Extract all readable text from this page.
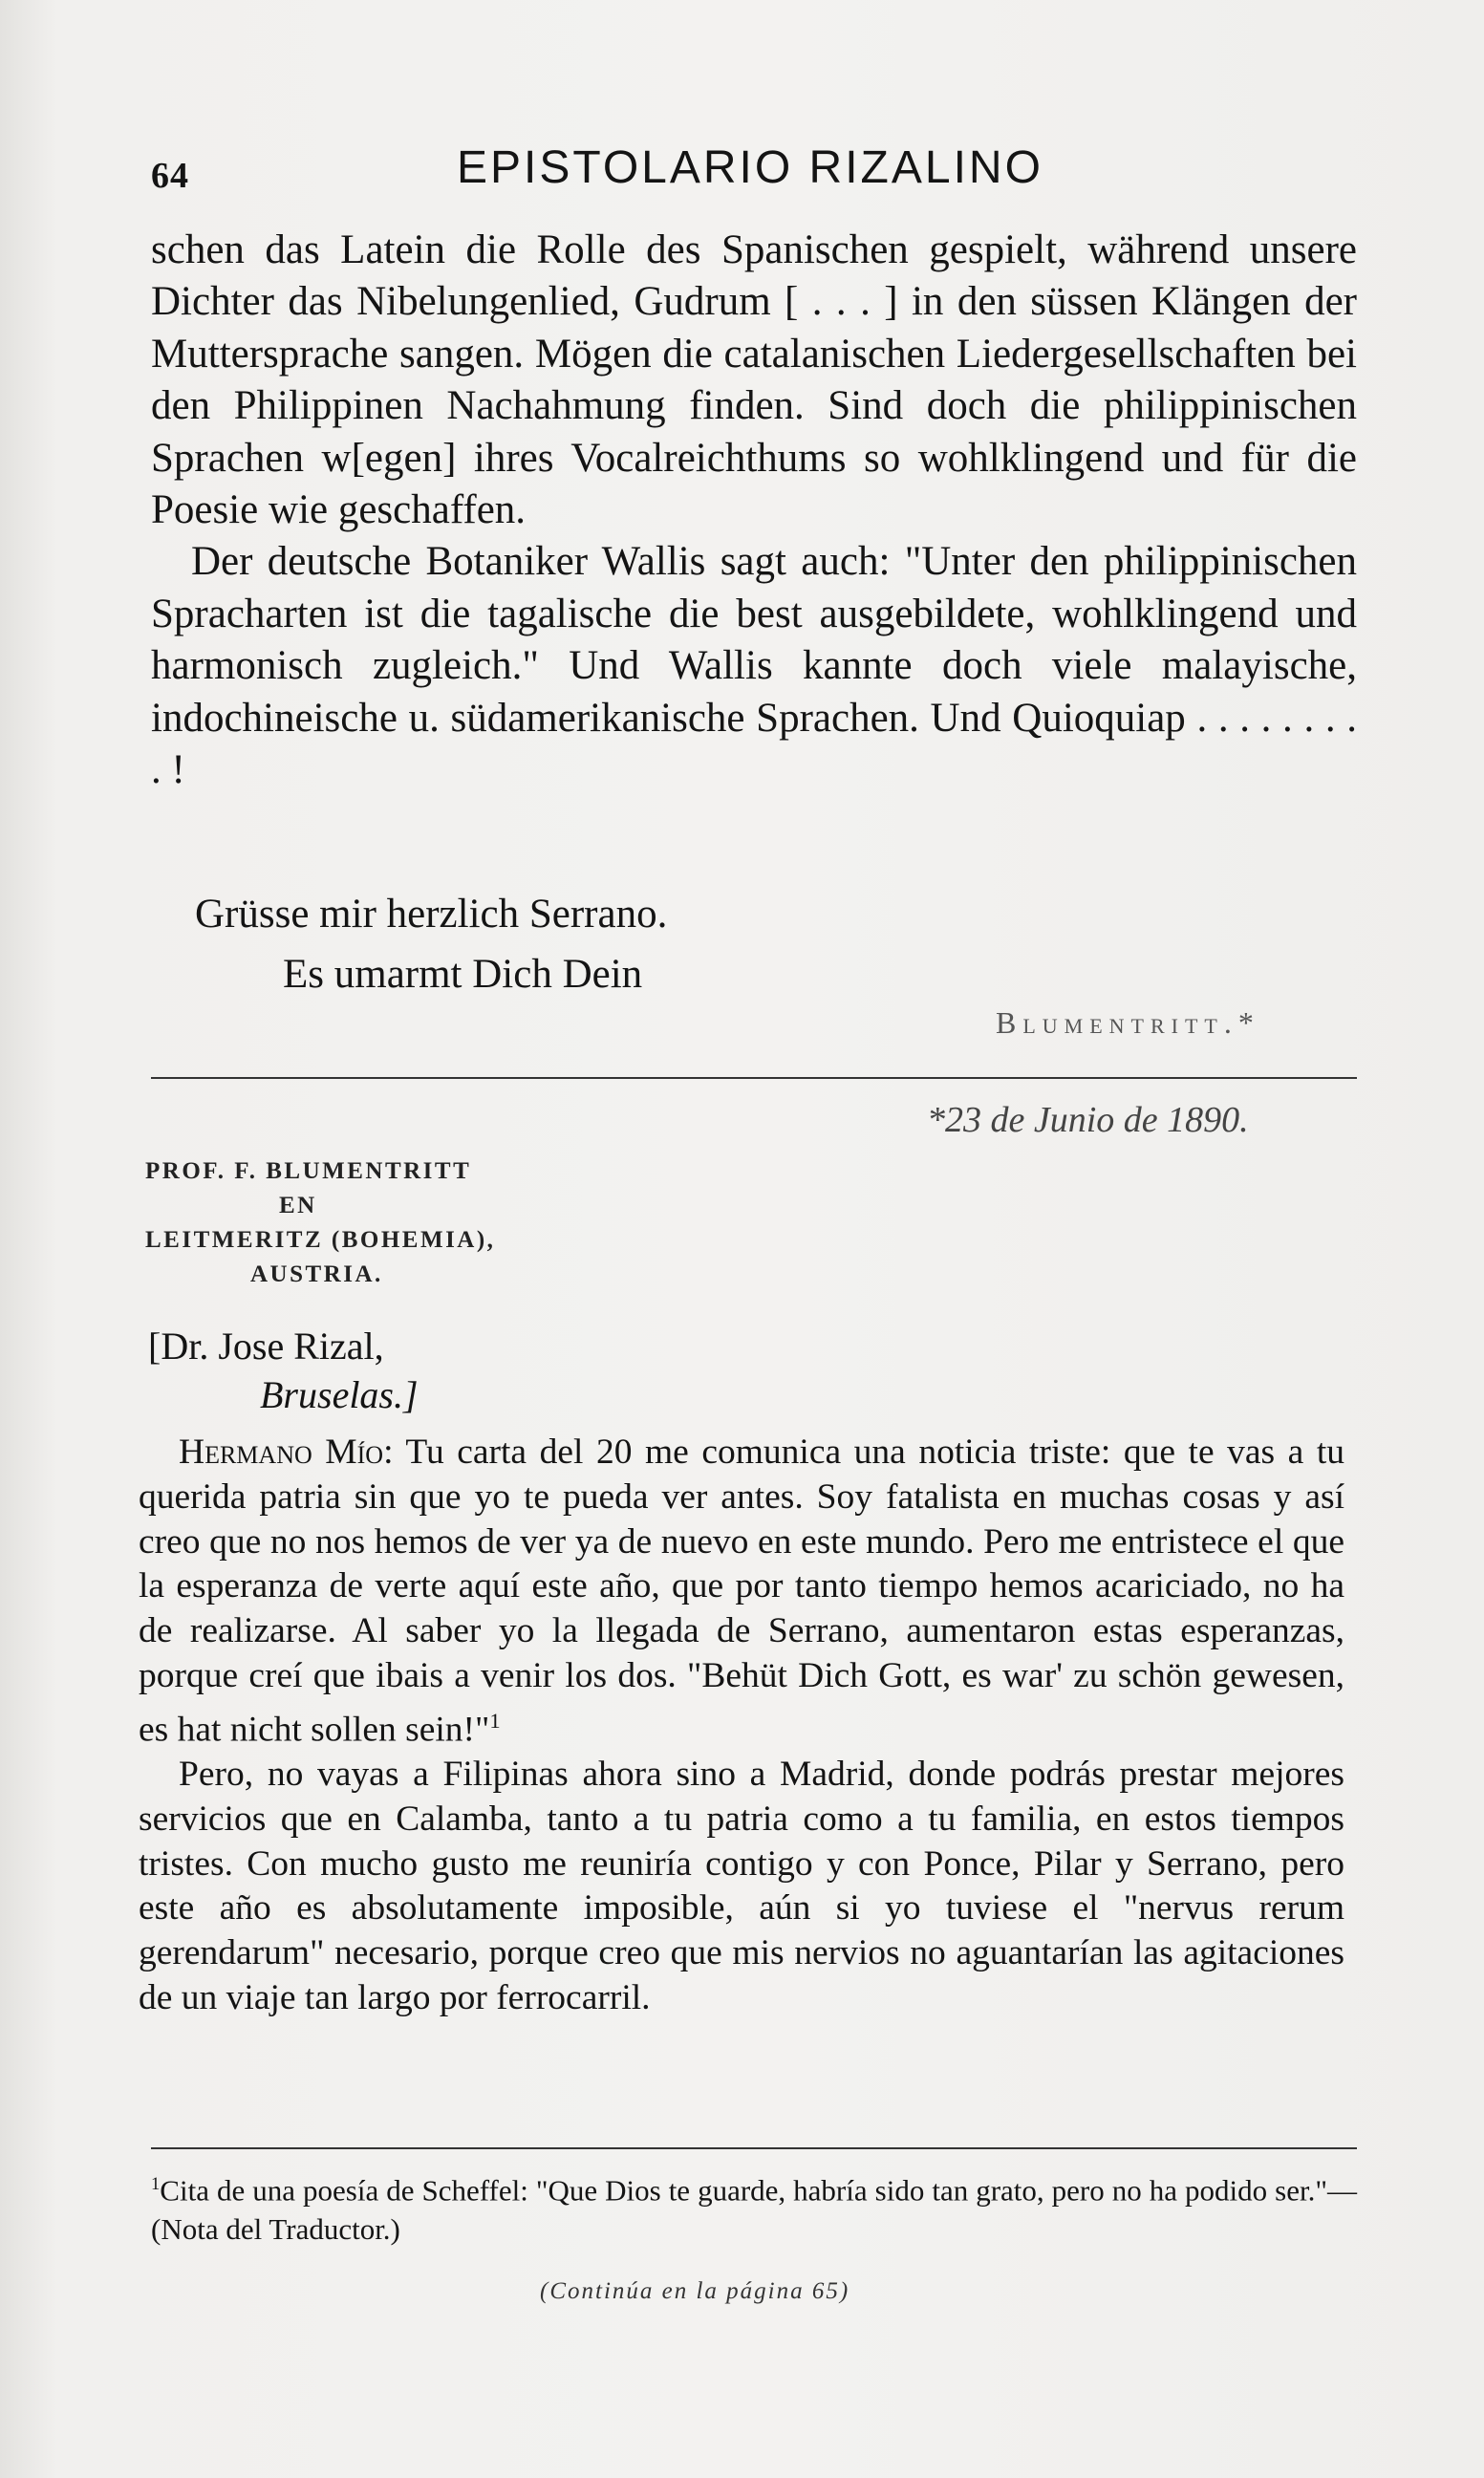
64	EPISTOLARIO RIZALINO

schen das Latein die Rolle des Spanischen gespielt, während unsere Dichter das Nibelungenlied, Gudrum [ . . . ] in den süssen Klängen der Muttersprache sangen. Mögen die catalanischen Liedergesellschaften bei den Philippinen Nachahmung finden. Sind doch die philippinischen Sprachen w[egen] ihres Vocalreichthums so wohlklingend und für die Poesie wie geschaffen.

Der deutsche Botaniker Wallis sagt auch: "Unter den philippinischen Spracharten ist die tagalische die best ausgebildete, wohlklingend und harmonisch zugleich." Und Wallis kannte doch viele malayische, indochineische u. südamerikanische Sprachen. Und Quioquiap . . . . . . . . . !

Grüsse mir herzlich Serrano.
Es umarmt Dich Dein
Blumentritt.*
*23 de Junio de 1890.
PROF. F. BLUMENTRITT
EN
LEITMERITZ (BOHEMIA),
AUSTRIA.
[Dr. Jose Rizal,
Bruselas.]

Hermano Mío: Tu carta del 20 me comunica una noticia triste: que te vas a tu querida patria sin que yo te pueda ver antes. Soy fatalista en muchas cosas y así creo que no nos hemos de ver ya de nuevo en este mundo. Pero me entristece el que la esperanza de verte aquí este año, que por tanto tiempo hemos acariciado, no ha de realizarse. Al saber yo la llegada de Serrano, aumentaron estas esperanzas, porque creí que ibais a venir los dos. "Behüt Dich Gott, es war' zu schön gewesen, es hat nicht sollen sein!"$^1$

Pero, no vayas a Filipinas ahora sino a Madrid, donde podrás prestar mejores servicios que en Calamba, tanto a tu patria como a tu familia, en estos tiempos tristes. Con mucho gusto me reuniría contigo y con Ponce, Pilar y Serrano, pero este año es absolutamente imposible, aún si yo tuviese el "nervus rerum gerendarum" necesario, porque creo que mis nervios no aguantarían las agitaciones de un viaje tan largo por ferrocarril.

$^1$Cita de una poesía de Scheffel: "Que Dios te guarde, habría sido tan grato, pero no ha podido ser."—(Nota del Traductor.)
(Continúa en la página 65)
